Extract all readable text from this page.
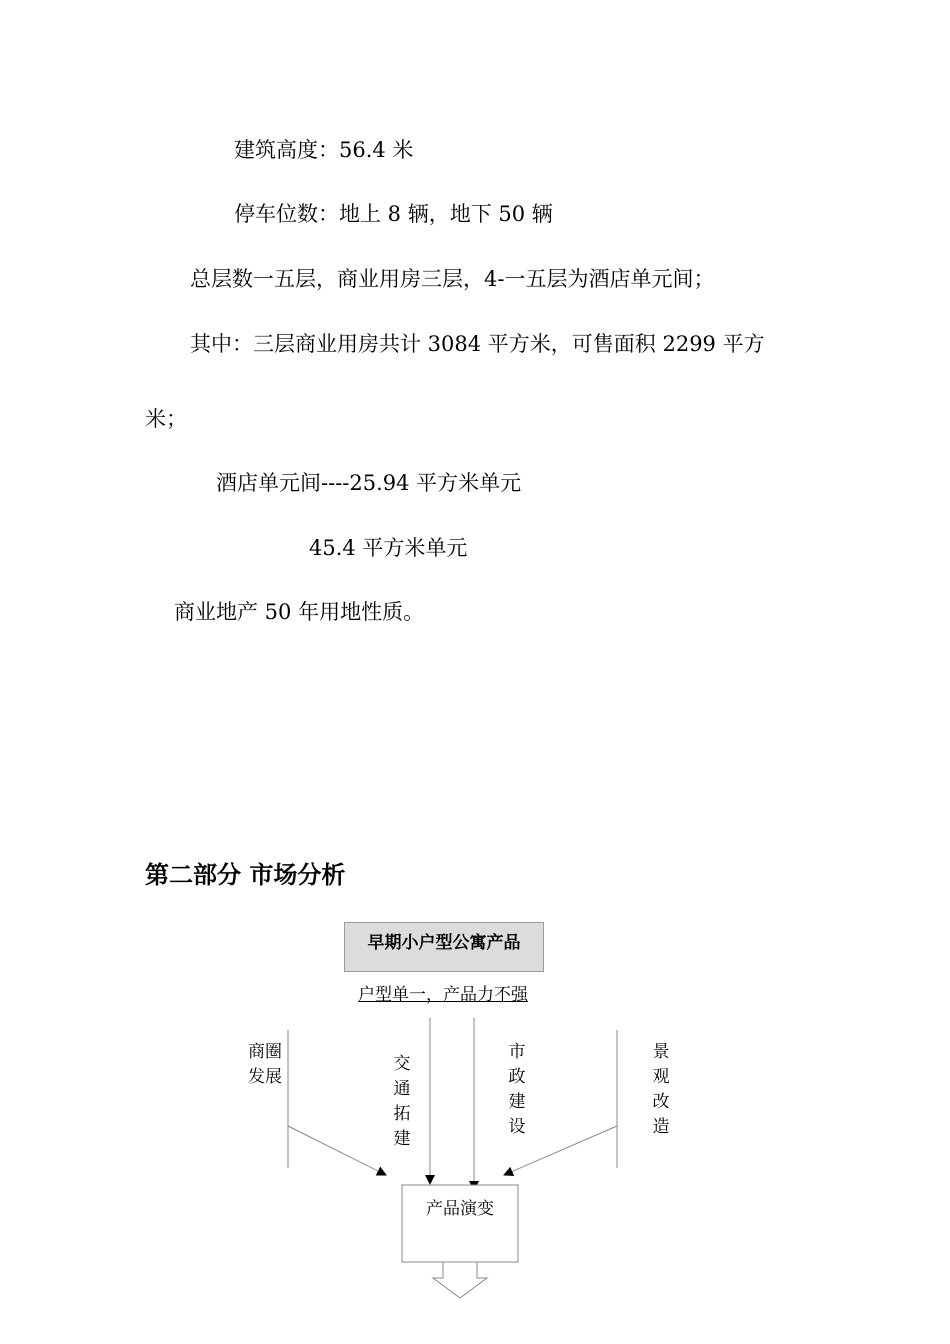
建筑高度：56.4 米
停车位数：地上 8 辆，地下 50 辆
总层数一五层，商业用房三层，4-一五层为酒店单元间；
其中：三层商业用房共计 3084 平方米，可售面积 2299 平方
米；
酒店单元间----25.94 平方米单元
45.4 平方米单元
商业地产 50 年用地性质。
第二部分 市场分析
早期小户型公寓产品
户型单一，产品力不强
商圈发展
交通拓建
市政建设
景观改造
产品演变
